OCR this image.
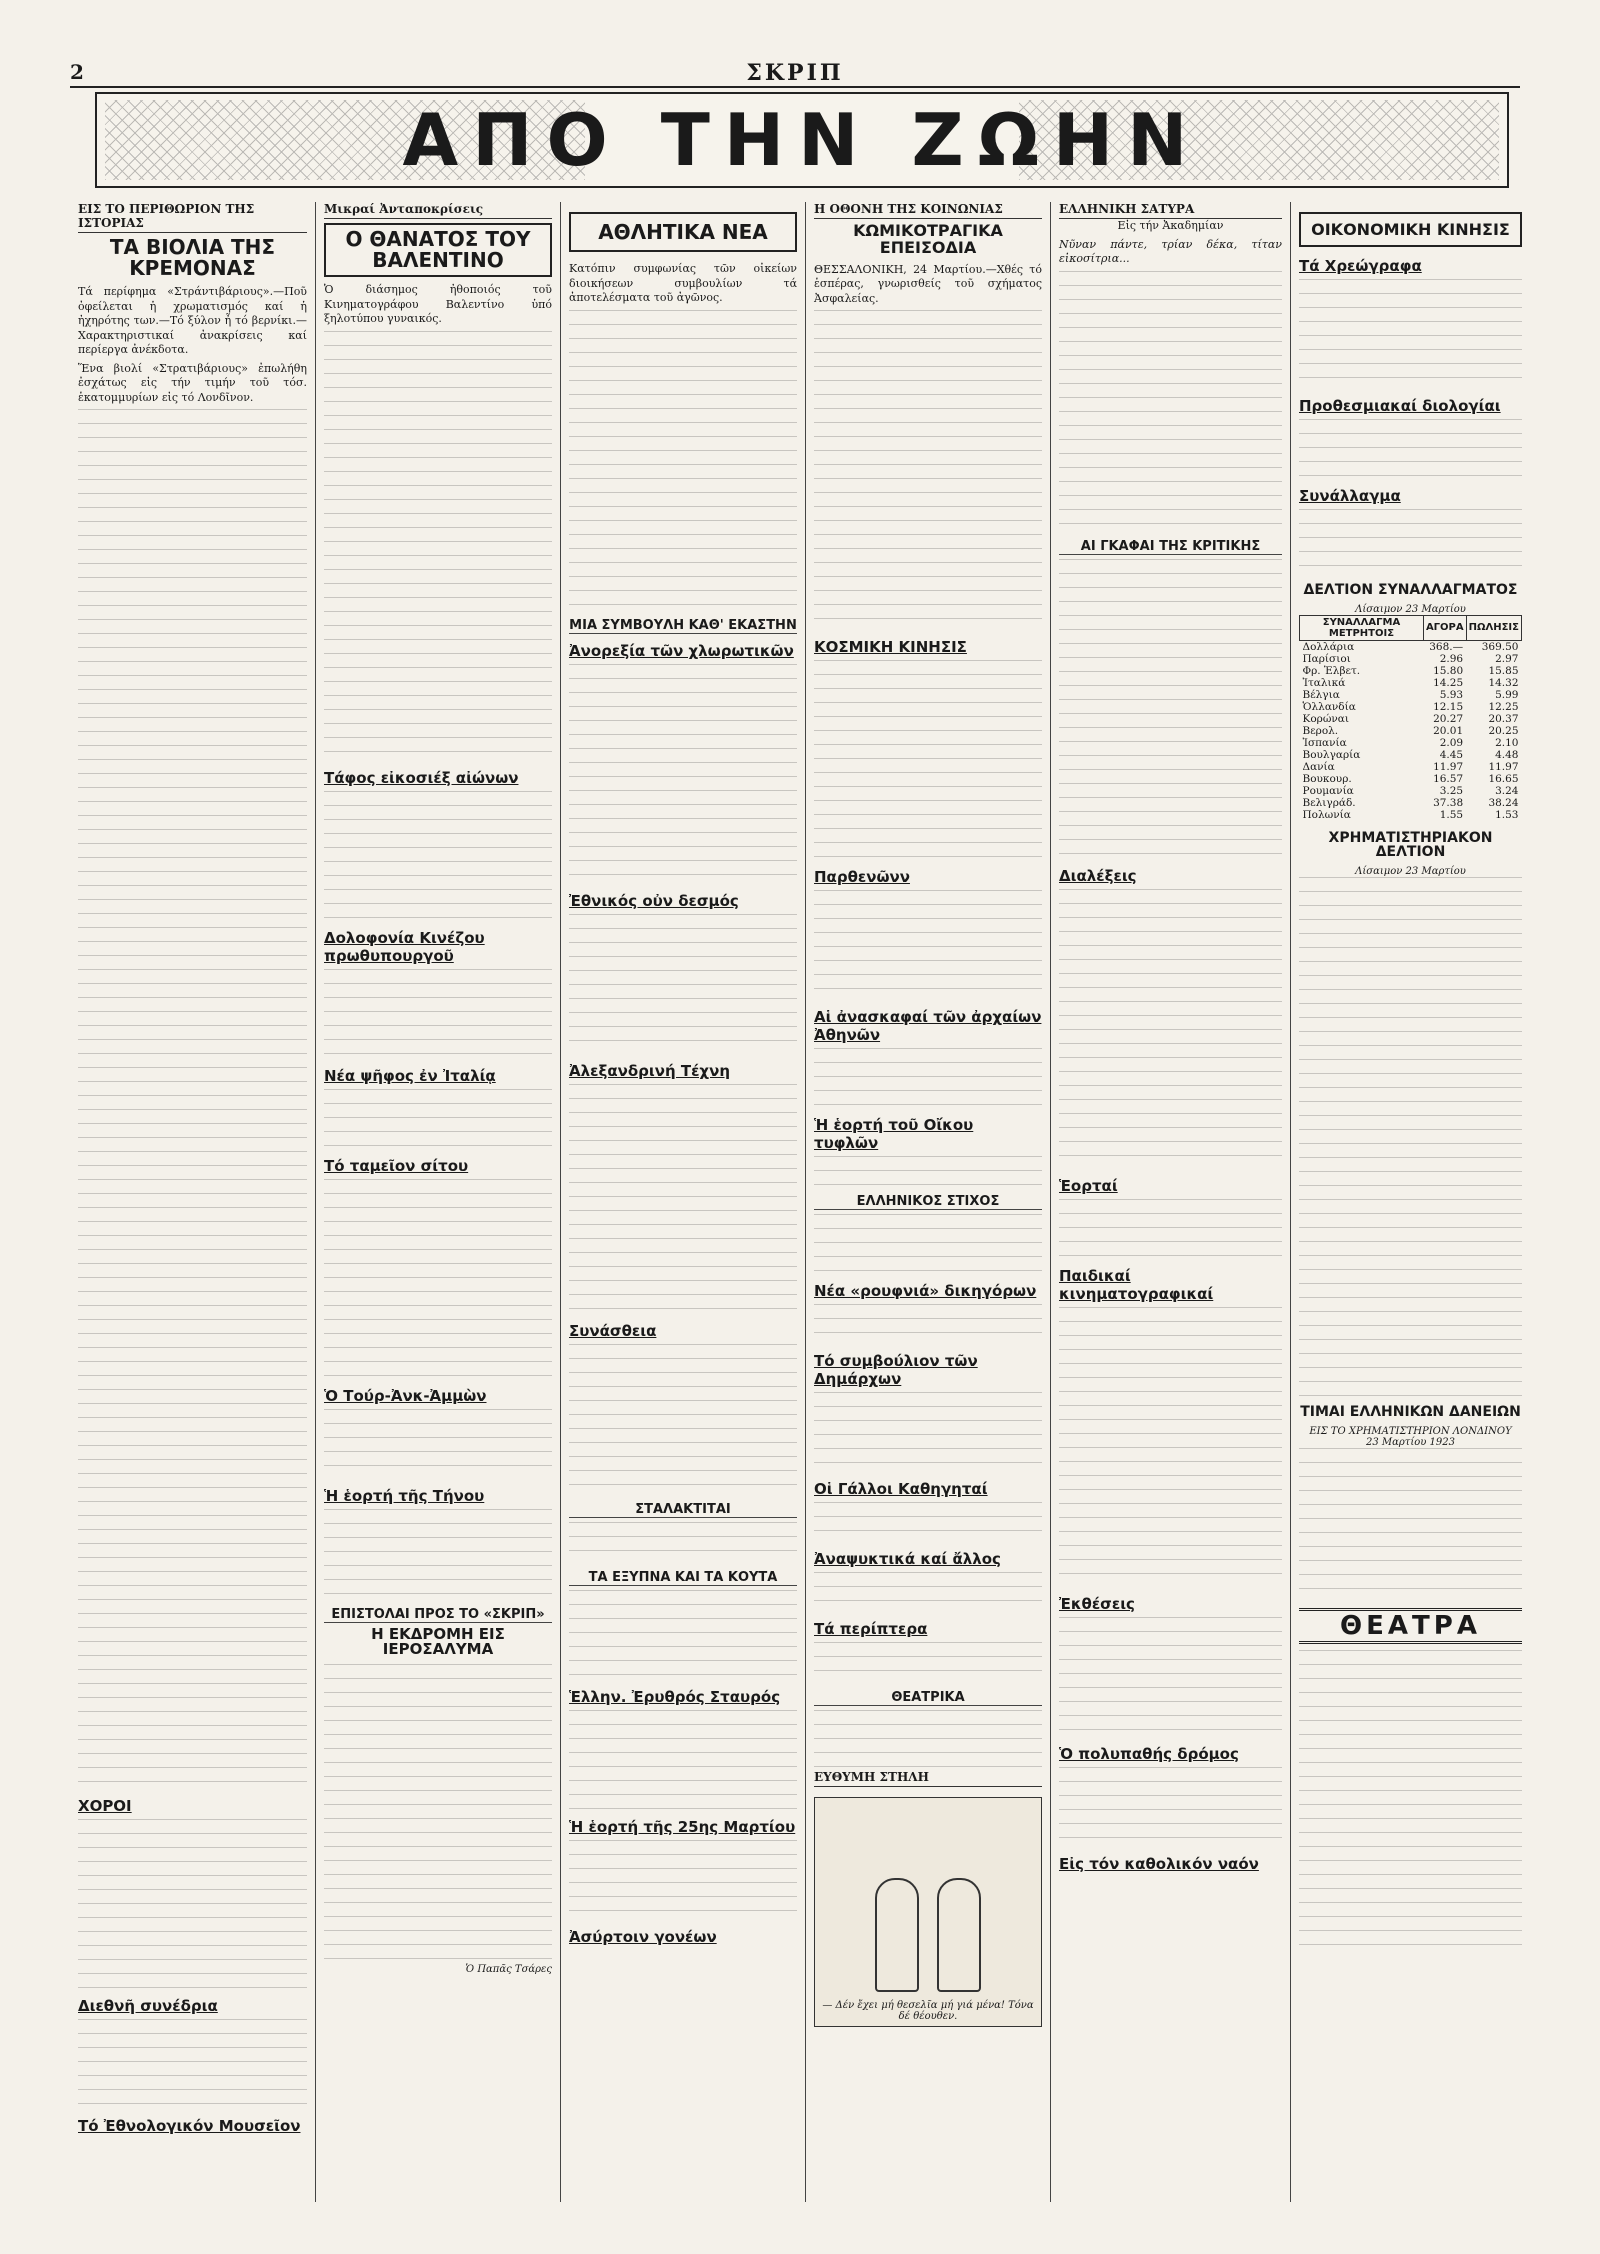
2	ΣΚΡΙΠ
ΑΠΟ ΤΗΝ ΖΩΗΝ
ΕΙΣ ΤΟ ΠΕΡΙΘΩΡΙΟΝ ΤΗΣ ΙΣΤΟΡΙΑΣ
ΤΑ ΒΙΟΛΙΑ ΤΗΣ ΚΡΕΜΟΝΑΣ

Τά περίφημα «Στράντιβάριους».—Ποῦ ὀφείλεται ἡ χρωματισμός καί ἡ ἠχηρότης των.—Τό ξύλον ἦ τό βερνίκι.—Χαρακτηριστικαί ἀνακρίσεις καί περίεργα ἀνέκδοτα.

Ἕνα βιολί «Στρατιβάριους» ἐπωλήθη ἐσχάτως εἰς τήν τιμήν τοῦ τόσ. ἑκατομμυρίων εἰς τό Λονδῖνον.

ΧΟΡΟΙ
Διεθνῆ συνέδρια
Τό Ἐθνολογικόν Μουσεῖον
Μικραί Ἀνταποκρίσεις
Ο ΘΑΝΑΤΟΣ ΤΟΥ ΒΑΛΕΝΤΙΝΟ

Ὁ διάσημος ἠθοποιός τοῦ Κινηματογράφου Βαλεντίνο ὑπό ξηλοτύπου γυναικός.

Τάφος εἰκοσιέξ αἰώνων
Δολοφονία Κινέζου πρωθυπουργοῦ
Νέα ψῆφος ἐν Ἰταλίᾳ
Τό ταμεῖον σίτου
Ὁ Τούρ-Ἀνκ-Ἀμμὼν
Ἡ ἑορτή τῆς Τήνου
ΕΠΙΣΤΟΛΑΙ ΠΡΟΣ ΤΟ «ΣΚΡΙΠ»
Η ΕΚΔΡΟΜΗ ΕΙΣ ΙΕΡΟΣΑΛΥΜΑ
Ὁ Παπᾶς Τσάρες
ΑΘΛΗΤΙΚΑ ΝΕΑ

Κατόπιν συμφωνίας τῶν οἰκείων διοικήσεων συμβουλίων τά ἀποτελέσματα τοῦ ἀγῶνος.

ΜΙΑ ΣΥΜΒΟΥΛΗ ΚΑΘ' ΕΚΑΣΤΗΝ
Ἀνορεξία τῶν χλωρωτικῶν
Ἐθνικός οὐν δεσμός
Ἀλεξανδρινή Τέχνη
Συνάσθεια
ΣΤΑΛΑΚΤΙΤΑΙ
ΤΑ ΕΞΥΠΝΑ ΚΑΙ ΤΑ ΚΟΥΤΑ
Ἑλλην. Ἐρυθρός Σταυρός
Ἡ ἑορτή τῆς 25ης Μαρτίου
Ἀσύρτοιν γονέων
Η ΟΘΟΝΗ ΤΗΣ ΚΟΙΝΩΝΙΑΣ
ΚΩΜΙΚΟΤΡΑΓΙΚΑ ΕΠΕΙΣΟΔΙΑ

ΘΕΣΣΑΛΟΝΙΚΗ, 24 Μαρτίου.—Χθές τό ἑσπέρας, γνωρισθείς τοῦ σχήματος Ἀσφαλείας.

ΚΟΣΜΙΚΗ ΚΙΝΗΣΙΣ
Παρθενῶνν
Αἱ ἀνασκαφαί τῶν ἀρχαίων Ἀθηνῶν
Ἡ ἑορτή τοῦ Οἴκου τυφλῶν
ΕΛΛΗΝΙΚΟΣ ΣΤΙΧΟΣ
Νέα «ρουφνιά» δικηγόρων
Τό συμβούλιον τῶν Δημάρχων
Οἱ Γάλλοι Καθηγηταί
Ἀναψυκτικά καί ἄλλος
Τά περίπτερα
ΘΕΑΤΡΙΚΑ
ΕΥΘΥΜΗ ΣΤΗΛΗ
— Δέν ἔχει μή θεσελῖα μή γιά μένα! Τόνα δέ θέουθεν.
ΕΛΛΗΝΙΚΗ ΣΑΤΥΡΑ

Εἰς τήν Ἀκαδημίαν

Νῦναν πάντε, τρίαν δέκα, τίταν εἰκοσίτρια...

ΑΙ ΓΚΑΦΑΙ ΤΗΣ ΚΡΙΤΙΚΗΣ
Διαλέξεις
Ἑορταί
Παιδικαί κινηματογραφικαί
Ἐκθέσεις
Ὁ πολυπαθής δρόμος
Εἰς τόν καθολικόν ναόν
ΟΙΚΟΝΟΜΙΚΗ ΚΙΝΗΣΙΣ
Τά Χρεώγραφα
Προθεσμιακαί διολογίαι
Συνάλλαγμα
ΔΕΛΤΙΟΝ ΣΥΝΑΛΛΑΓΜΑΤΟΣ
Λίσαιμον 23 Μαρτίου
ΣΥΝΑΛΛΑΓΜΑ ΜΕΤΡΗΤΟΙΣ	ΑΓΟΡΑ	ΠΩΛΗΣΙΣ
Δολλάρια	368.—	369.50
Παρίσιοι	2.96	2.97
Φρ. Ἑλβετ.	15.80	15.85
Ἰταλικά	14.25	14.32
Βέλγια	5.93	5.99
Ὁλλανδία	12.15	12.25
Κορώναι	20.27	20.37
Βερολ.	20.01	20.25
Ἰσπανία	2.09	2.10
Βουλγαρία	4.45	4.48
Δανία	11.97	11.97
Βουκουρ.	16.57	16.65
Ρουμανία	3.25	3.24
Βελιγράδ.	37.38	38.24
Πολωνία	1.55	1.53
ΧΡΗΜΑΤΙΣΤΗΡΙΑΚΟΝ ΔΕΛΤΙΟΝ
Λίσαιμον 23 Μαρτίου
ΤΙΜΑΙ ΕΛΛΗΝΙΚΩΝ ΔΑΝΕΙΩΝ
ΕΙΣ ΤΟ ΧΡΗΜΑΤΙΣΤΗΡΙΟΝ ΛΟΝΔΙΝΟΥ
23 Μαρτίου 1923
ΘΕΑΤΡΑ
